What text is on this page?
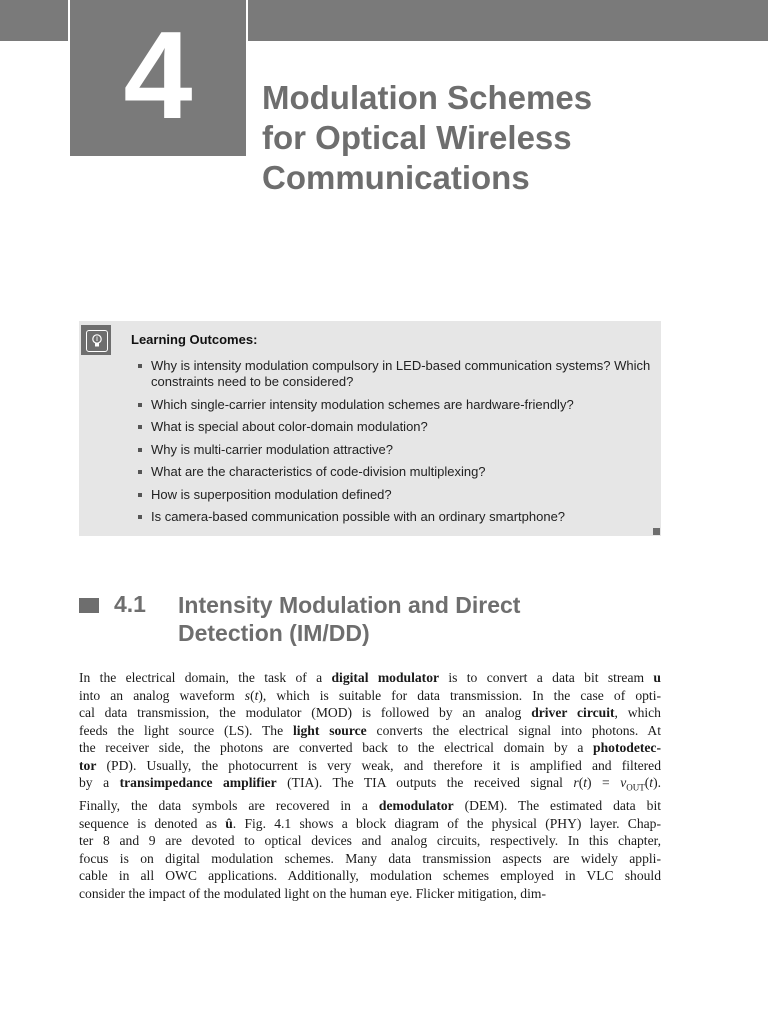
4 Modulation Schemes
for Optical Wireless
Communications
Learning Outcomes:
Why is intensity modulation compulsory in LED-based communication systems? Which constraints need to be considered?
Which single-carrier intensity modulation schemes are hardware-friendly?
What is special about color-domain modulation?
Why is multi-carrier modulation attractive?
What are the characteristics of code-division multiplexing?
How is superposition modulation defined?
Is camera-based communication possible with an ordinary smartphone?
4.1 Intensity Modulation and Direct
Detection (IM/DD)
In the electrical domain, the task of a digital modulator is to convert a data bit stream u
into an analog waveform s(t), which is suitable for data transmission. In the case of opti-
cal data transmission, the modulator (MOD) is followed by an analog driver circuit, which
feeds the light source (LS). The light source converts the electrical signal into photons. At
the receiver side, the photons are converted back to the electrical domain by a photodetec-
tor (PD). Usually, the photocurrent is very weak, and therefore it is amplified and filtered
by a transimpedance amplifier (TIA). The TIA outputs the received signal $r(t) = v_{OUT}(t)$.
Finally, the data symbols are recovered in a demodulator (DEM). The estimated data bit
sequence is denoted as û. Fig. 4.1 shows a block diagram of the physical (PHY) layer. Chap-
ter 8 and 9 are devoted to optical devices and analog circuits, respectively. In this chapter,
focus is on digital modulation schemes. Many data transmission aspects are widely appli-
cable in all OWC applications. Additionally, modulation schemes employed in VLC should
consider the impact of the modulated light on the human eye. Flicker mitigation, dim-
